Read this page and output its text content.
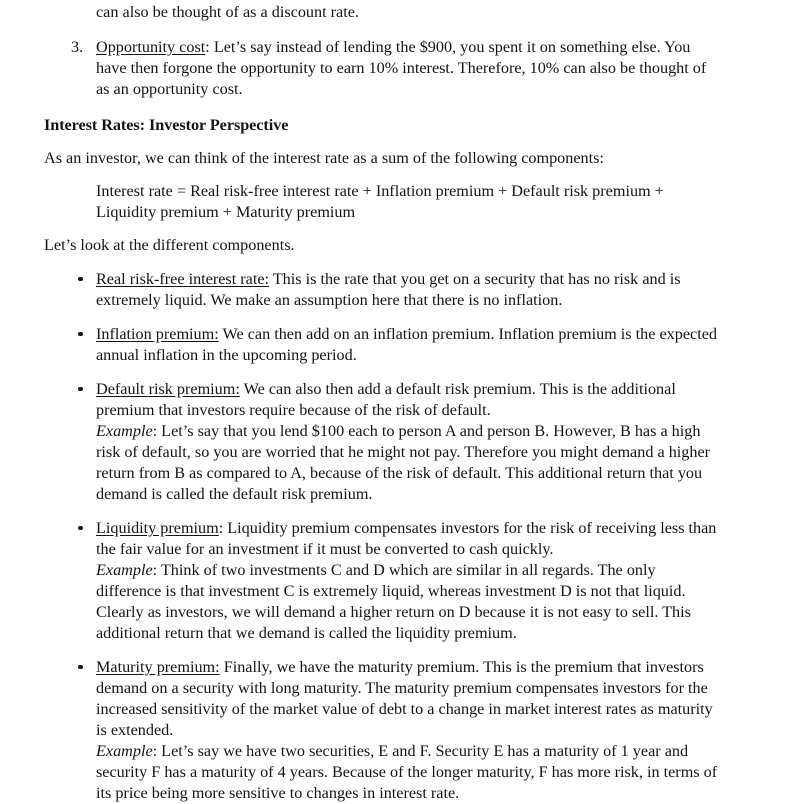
can also be thought of as a discount rate.

3. Opportunity cost: Let’s say instead of lending the $900, you spent it on something else. You have then forgone the opportunity to earn 10% interest. Therefore, 10% can also be thought of as an opportunity cost.

Interest Rates: Investor Perspective

As an investor, we can think of the interest rate as a sum of the following components:

Interest rate = Real risk-free interest rate + Inflation premium + Default risk premium + Liquidity premium + Maturity premium

Let’s look at the different components.

Real risk-free interest rate: This is the rate that you get on a security that has no risk and is extremely liquid. We make an assumption here that there is no inflation.
Inflation premium: We can then add on an inflation premium. Inflation premium is the expected annual inflation in the upcoming period.
Default risk premium: We can also then add a default risk premium. This is the additional premium that investors require because of the risk of default.
Example: Let’s say that you lend $100 each to person A and person B. However, B has a high risk of default, so you are worried that he might not pay. Therefore you might demand a higher return from B as compared to A, because of the risk of default. This additional return that you demand is called the default risk premium.
Liquidity premium: Liquidity premium compensates investors for the risk of receiving less than the fair value for an investment if it must be converted to cash quickly.
Example: Think of two investments C and D which are similar in all regards. The only difference is that investment C is extremely liquid, whereas investment D is not that liquid. Clearly as investors, we will demand a higher return on D because it is not easy to sell. This additional return that we demand is called the liquidity premium.
Maturity premium: Finally, we have the maturity premium. This is the premium that investors demand on a security with long maturity. The maturity premium compensates investors for the increased sensitivity of the market value of debt to a change in market interest rates as maturity is extended.
Example: Let’s say we have two securities, E and F. Security E has a maturity of 1 year and security F has a maturity of 4 years. Because of the longer maturity, F has more risk, in terms of its price being more sensitive to changes in interest rate.
